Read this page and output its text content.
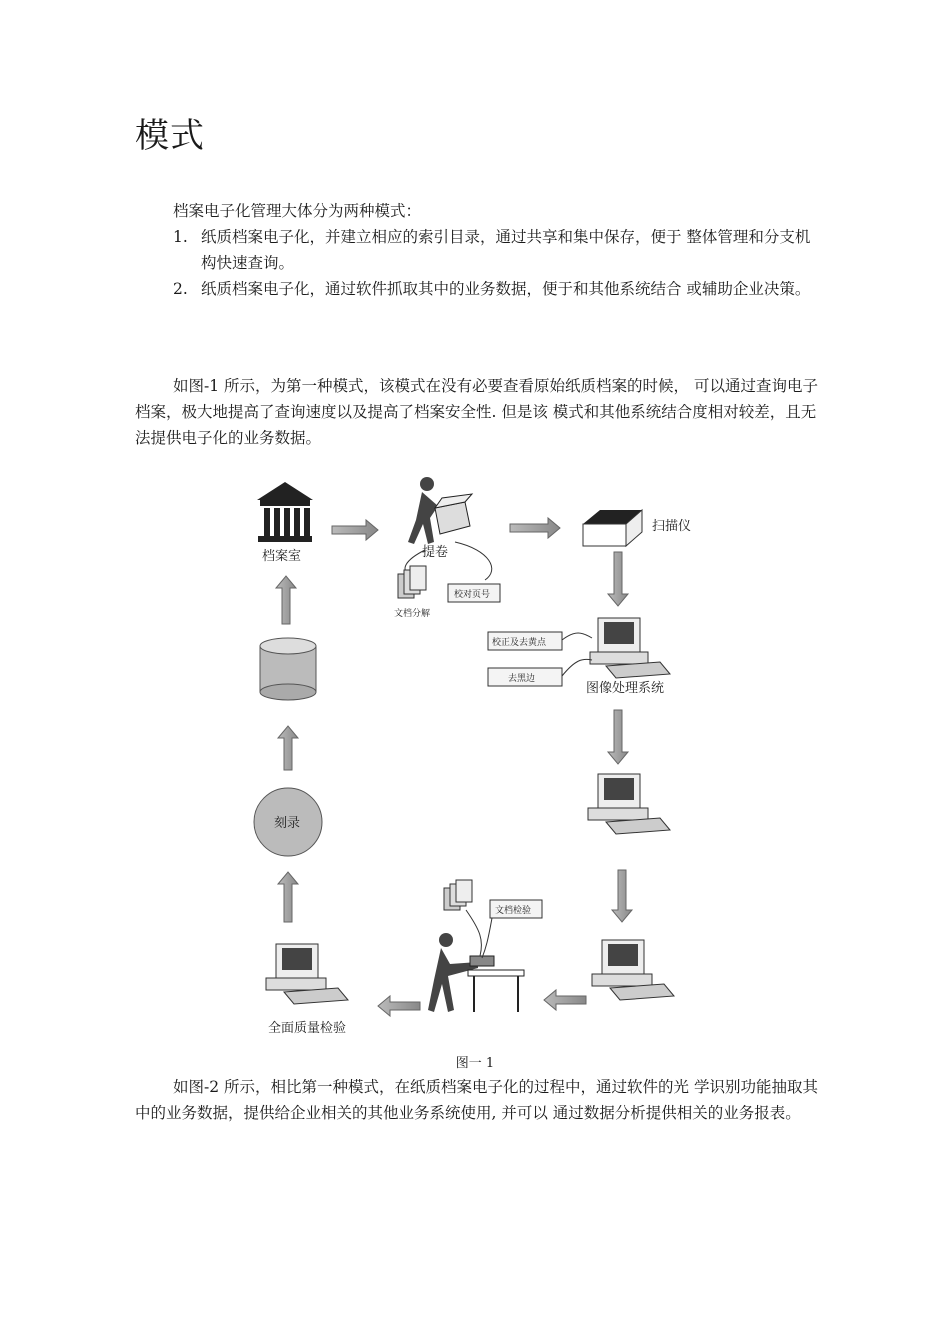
模式
档案电子化管理大体分为两种模式：
1. 纸质档案电子化，并建立相应的索引目录，通过共享和集中保存，便于 整体管理和分支机构快速查询。
2. 纸质档案电子化，通过软件抓取其中的业务数据，便于和其他系统结合 或辅助企业决策。
如图-1 所示，为第一种模式，该模式在没有必要查看原始纸质档案的时候， 可以通过查询电子档案，极大地提高了查询速度以及提高了档案安全性. 但是该 模式和其他系统结合度相对较差，且无法提供电子化的业务数据。
档案室	提卷
文档分解
校对页号
扫描仪
校正及去黄点
去黑边
图像处理系统
文档检验
全面质量检验
刻录
图一 1
如图-2 所示，相比第一种模式，在纸质档案电子化的过程中，通过软件的光 学识别功能抽取其中的业务数据，提供给企业相关的其他业务系统使用, 并可以 通过数据分析提供相关的业务报表。
